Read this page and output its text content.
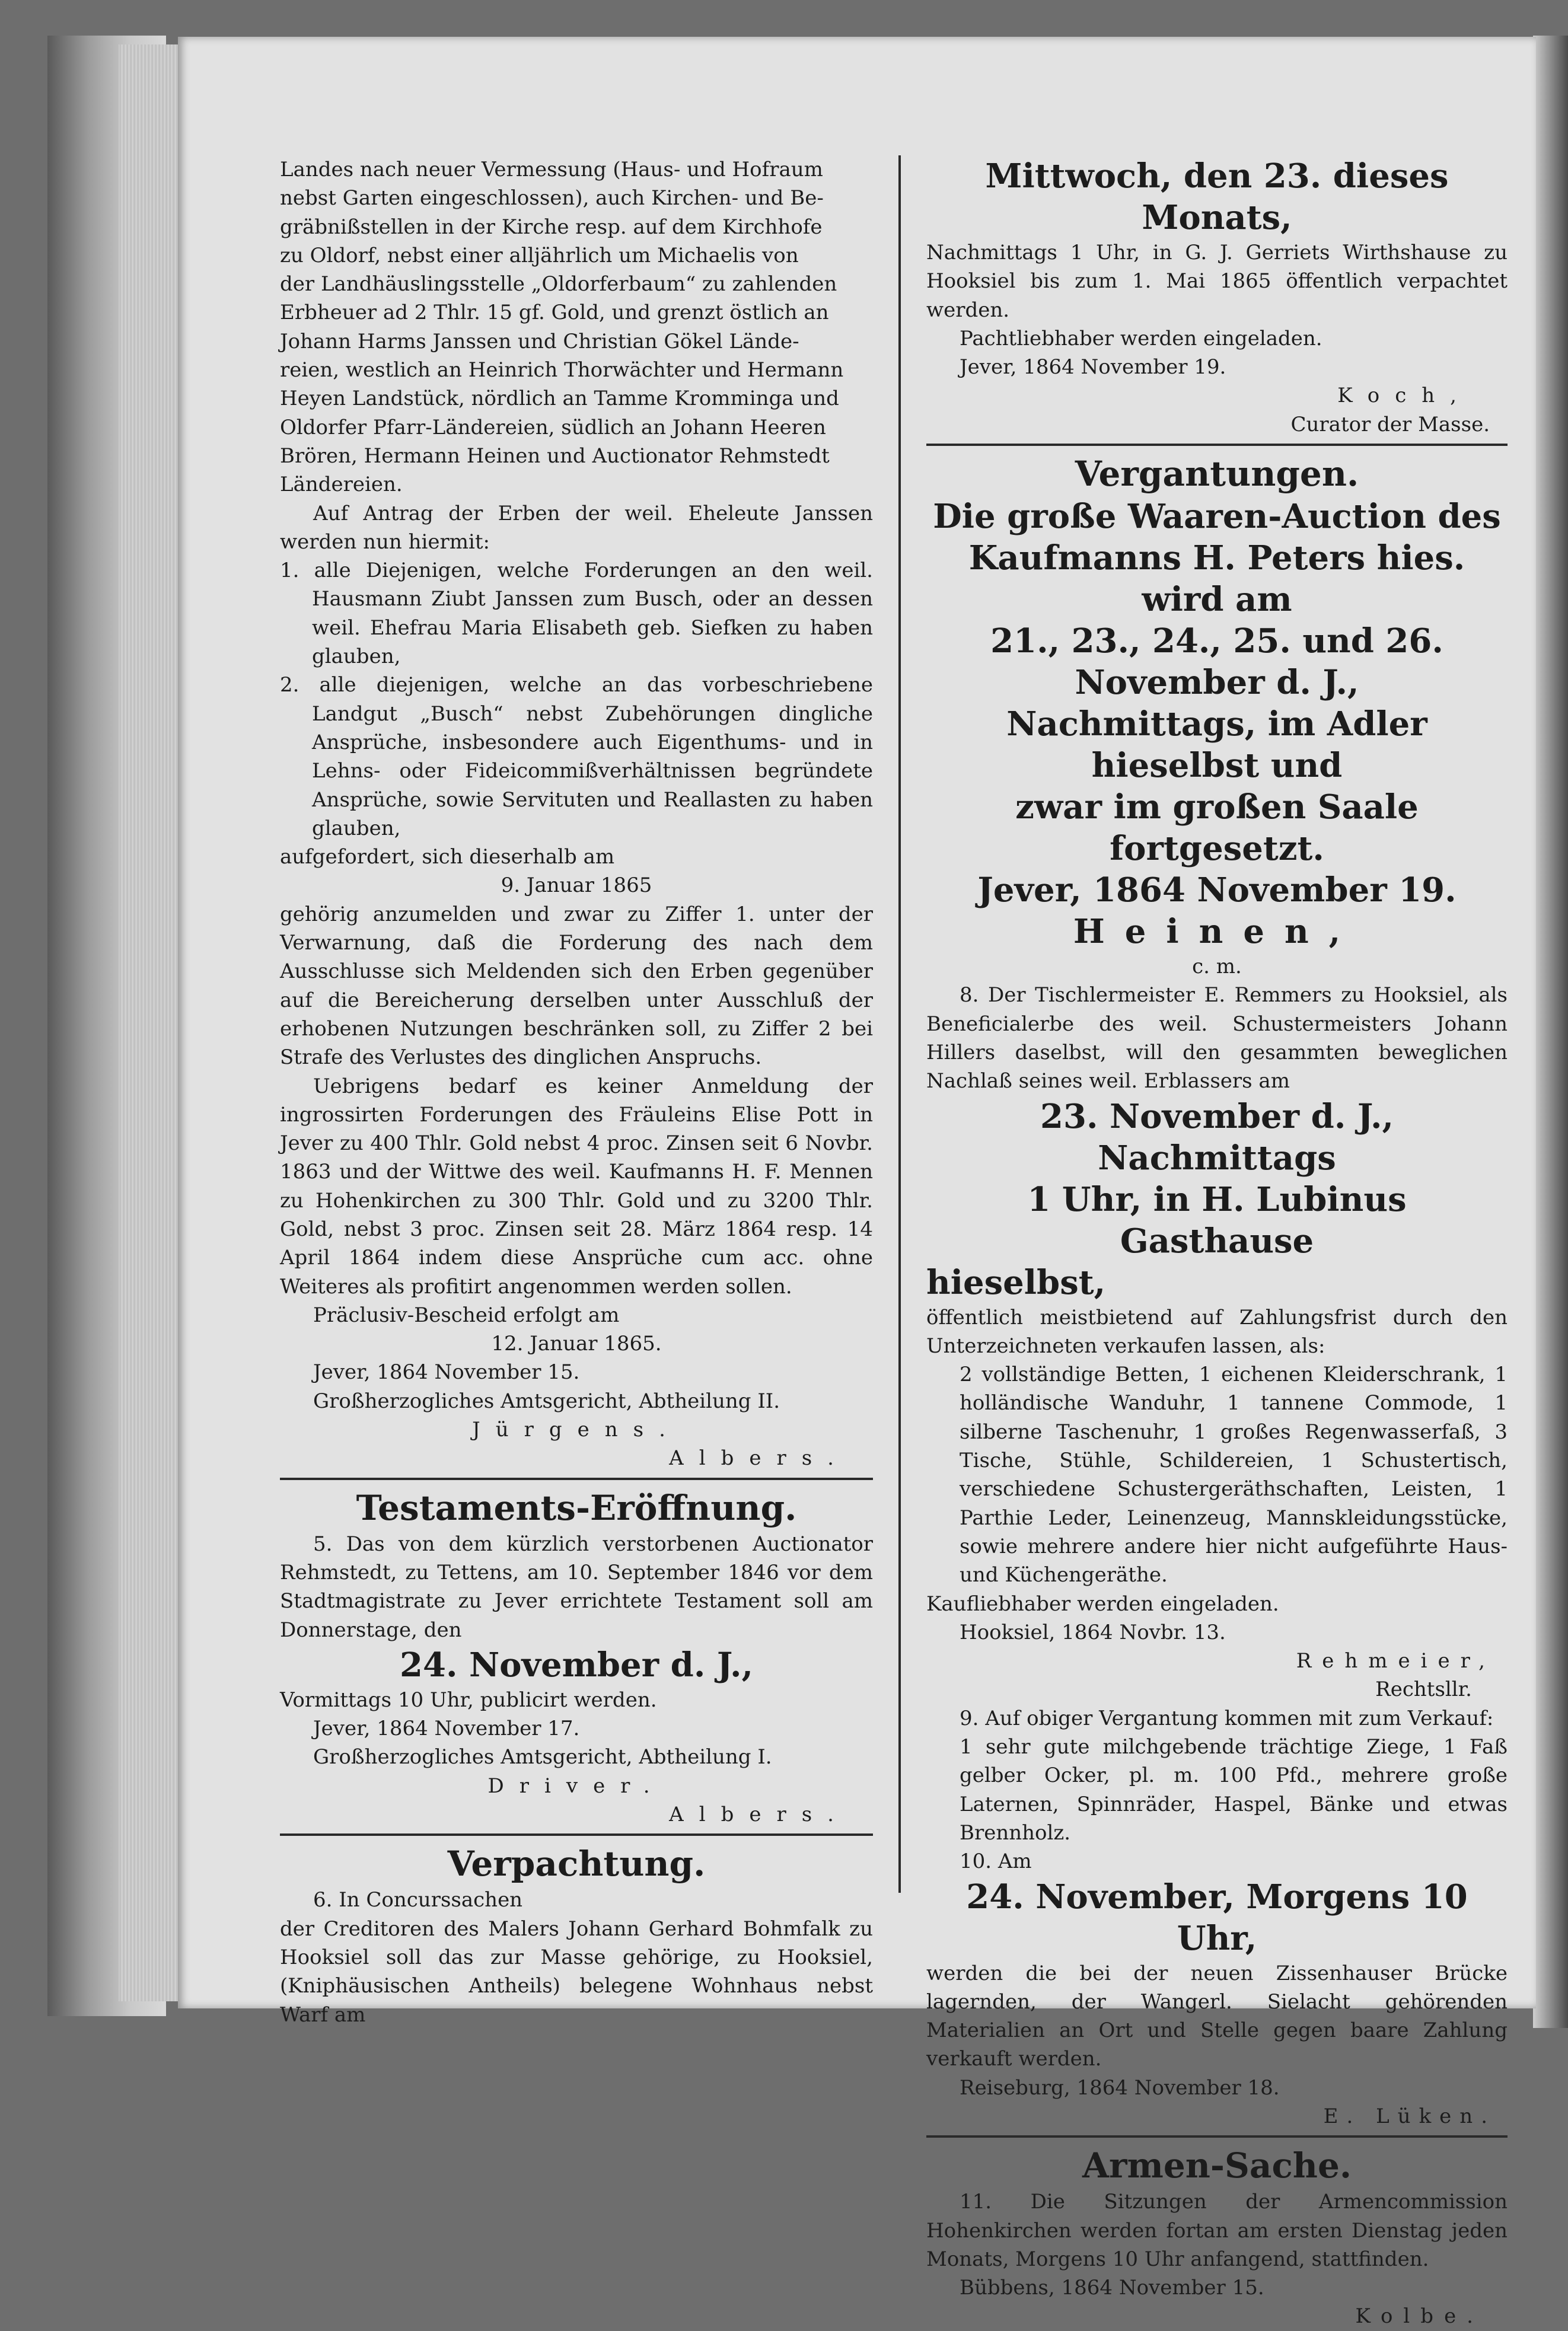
Landes nach neuer Vermessung (Haus- und Hofraum
nebst Garten eingeschlossen), auch Kirchen- und Be-
gräbnißstellen in der Kirche resp. auf dem Kirchhofe
zu Oldorf, nebst einer alljährlich um Michaelis von
der Landhäuslingsstelle „Oldorferbaum“ zu zahlenden
Erbheuer ad 2 Thlr. 15 gf. Gold, und grenzt östlich an
Johann Harms Janssen und Christian Gökel Lände-
reien, westlich an Heinrich Thorwächter und Hermann
Heyen Landstück, nördlich an Tamme Kromminga und
Oldorfer Pfarr-Ländereien, südlich an Johann Heeren
Brören, Hermann Heinen und Auctionator Rehmstedt
Ländereien.

Auf Antrag der Erben der weil. Eheleute Janssen werden nun hiermit:

1. alle Diejenigen, welche Forderungen an den weil. Hausmann Ziubt Janssen zum Busch, oder an dessen weil. Ehefrau Maria Elisabeth geb. Siefken zu haben glauben,

2. alle diejenigen, welche an das vorbeschriebene Landgut „Busch“ nebst Zubehörungen dingliche Ansprüche, insbesondere auch Eigenthums- und in Lehns- oder Fideicommißverhältnissen begründete Ansprüche, sowie Servituten und Reallasten zu haben glauben,

aufgefordert, sich dieserhalb am

9. Januar 1865

gehörig anzumelden und zwar zu Ziffer 1. unter der Verwarnung, daß die Forderung des nach dem Ausschlusse sich Meldenden sich den Erben gegenüber auf die Bereicherung derselben unter Ausschluß der erhobenen Nutzungen beschränken soll, zu Ziffer 2 bei Strafe des Verlustes des dinglichen Anspruchs.

Uebrigens bedarf es keiner Anmeldung der ingrossirten Forderungen des Fräuleins Elise Pott in Jever zu 400 Thlr. Gold nebst 4 proc. Zinsen seit 6 Novbr. 1863 und der Wittwe des weil. Kaufmanns H. F. Mennen zu Hohenkirchen zu 300 Thlr. Gold und zu 3200 Thlr. Gold, nebst 3 proc. Zinsen seit 28. März 1864 resp. 14 April 1864 indem diese Ansprüche cum acc. ohne Weiteres als profitirt angenommen werden sollen.

Präclusiv-Bescheid erfolgt am

12. Januar 1865.

Jever, 1864 November 15.

Großherzogliches Amtsgericht, Abtheilung II.

Jürgens.

Albers.

Testaments-Eröffnung.

5. Das von dem kürzlich verstorbenen Auctionator Rehmstedt, zu Tettens, am 10. September 1846 vor dem Stadtmagistrate zu Jever errichtete Testament soll am Donnerstage, den

24. November d. J.,

Vormittags 10 Uhr, publicirt werden.

Jever, 1864 November 17.

Großherzogliches Amtsgericht, Abtheilung I.

Driver.

Albers.

Verpachtung.

6. In Concurssachen

der Creditoren des Malers Johann Gerhard Bohmfalk zu Hooksiel soll das zur Masse gehörige, zu Hooksiel, (Kniphäusischen Antheils) belegene Wohnhaus nebst Warf am

Mittwoch, den 23. dieses Monats,

Nachmittags 1 Uhr, in G. J. Gerriets Wirthshause zu Hooksiel bis zum 1. Mai 1865 öffentlich verpachtet werden.

Pachtliebhaber werden eingeladen.

Jever, 1864 November 19.

Koch,

Curator der Masse.

Vergantungen.

Die große Waaren-Auction des

Kaufmanns H. Peters hies. wird am

21., 23., 24., 25. und 26.

November d. J.,

Nachmittags, im Adler hieselbst und

zwar im großen Saale fortgesetzt.

Jever, 1864 November 19.

Heinen,

c. m.

8. Der Tischlermeister E. Remmers zu Hooksiel, als Beneficialerbe des weil. Schustermeisters Johann Hillers daselbst, will den gesammten beweglichen Nachlaß seines weil. Erblassers am

23. November d. J., Nachmittags

1 Uhr, in H. Lubinus Gasthause

hieselbst,

öffentlich meistbietend auf Zahlungsfrist durch den Unterzeichneten verkaufen lassen, als:

2 vollständige Betten, 1 eichenen Kleiderschrank, 1 holländische Wanduhr, 1 tannene Commode, 1 silberne Taschenuhr, 1 großes Regenwasserfaß, 3 Tische, Stühle, Schildereien, 1 Schustertisch, verschiedene Schustergeräthschaften, Leisten, 1 Parthie Leder, Leinenzeug, Mannskleidungsstücke, sowie mehrere andere hier nicht aufgeführte Haus- und Küchengeräthe.

Kaufliebhaber werden eingeladen.

Hooksiel, 1864 Novbr. 13.

Rehmeier,

Rechtsllr.

9. Auf obiger Vergantung kommen mit zum Verkauf:

1 sehr gute milchgebende trächtige Ziege, 1 Faß gelber Ocker, pl. m. 100 Pfd., mehrere große Laternen, Spinnräder, Haspel, Bänke und etwas Brennholz.

10. Am

24. November, Morgens 10 Uhr,

werden die bei der neuen Zissenhauser Brücke lagernden, der Wangerl. Sielacht gehörenden Materialien an Ort und Stelle gegen baare Zahlung verkauft werden.

Reiseburg, 1864 November 18.

E. Lüken.

Armen-Sache.

11. Die Sitzungen der Armencommission Hohenkirchen werden fortan am ersten Dienstag jeden Monats, Morgens 10 Uhr anfangend, stattfinden.

Bübbens, 1864 November 15.

Kolbe.
